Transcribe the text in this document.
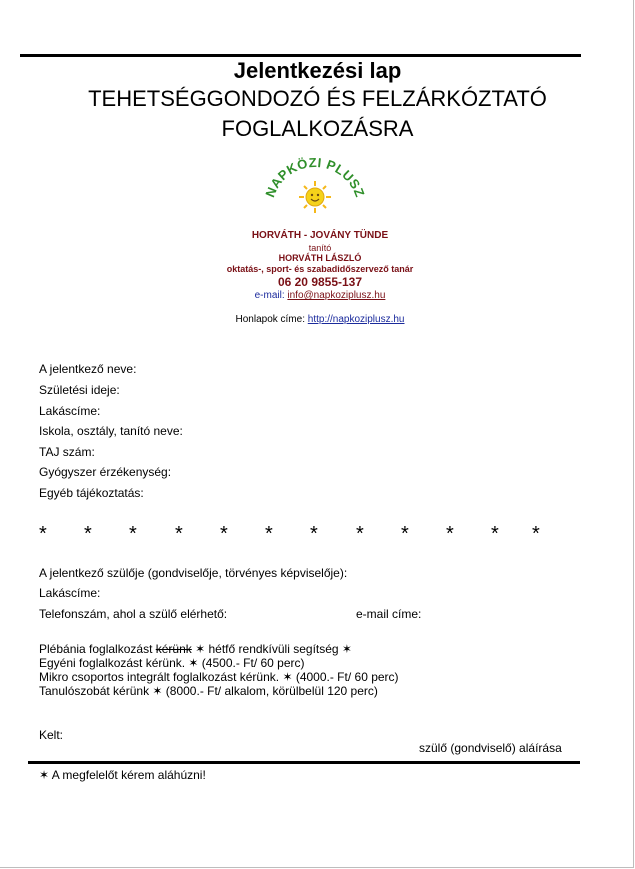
Jelentkezési lap
TEHETSÉGGONDOZÓ ÉS FELZÁRKÓZTATÓ
FOGLALKOZÁSRA
NAPKÖZI PLUSZ
HORVÁTH - JOVÁNY TÜNDE
tanító
HORVÁTH LÁSZLÓ
oktatás-, sport- és szabadidőszervező tanár
06 20 9855-137
e-mail: info@napkoziplusz.hu
Honlapok címe: http://napkoziplusz.hu
A jelentkező neve:
Születési ideje:
Lakáscíme:
Iskola, osztály, tanító neve:
TAJ szám:
Gyógyszer érzékenység:
Egyéb tájékoztatás:
* * * * * * * * * * * *
A jelentkező szülője (gondviselője, törvényes képviselője):
Lakáscíme:
Telefonszám, ahol a szülő elérhető:	e-mail címe:
Plébánia foglalkozást kérünk ✶ hétfő rendkívüli segítség ✶
Egyéni foglalkozást kérünk. ✶ (4500.- Ft/ 60 perc)
Mikro csoportos integrált foglalkozást kérünk. ✶ (4000.- Ft/ 60 perc)
Tanulószobát kérünk ✶ (8000.- Ft/ alkalom, körülbelül 120 perc)
Kelt:
szülő (gondviselő) aláírása
✶ A megfelelőt kérem aláhúzni!
